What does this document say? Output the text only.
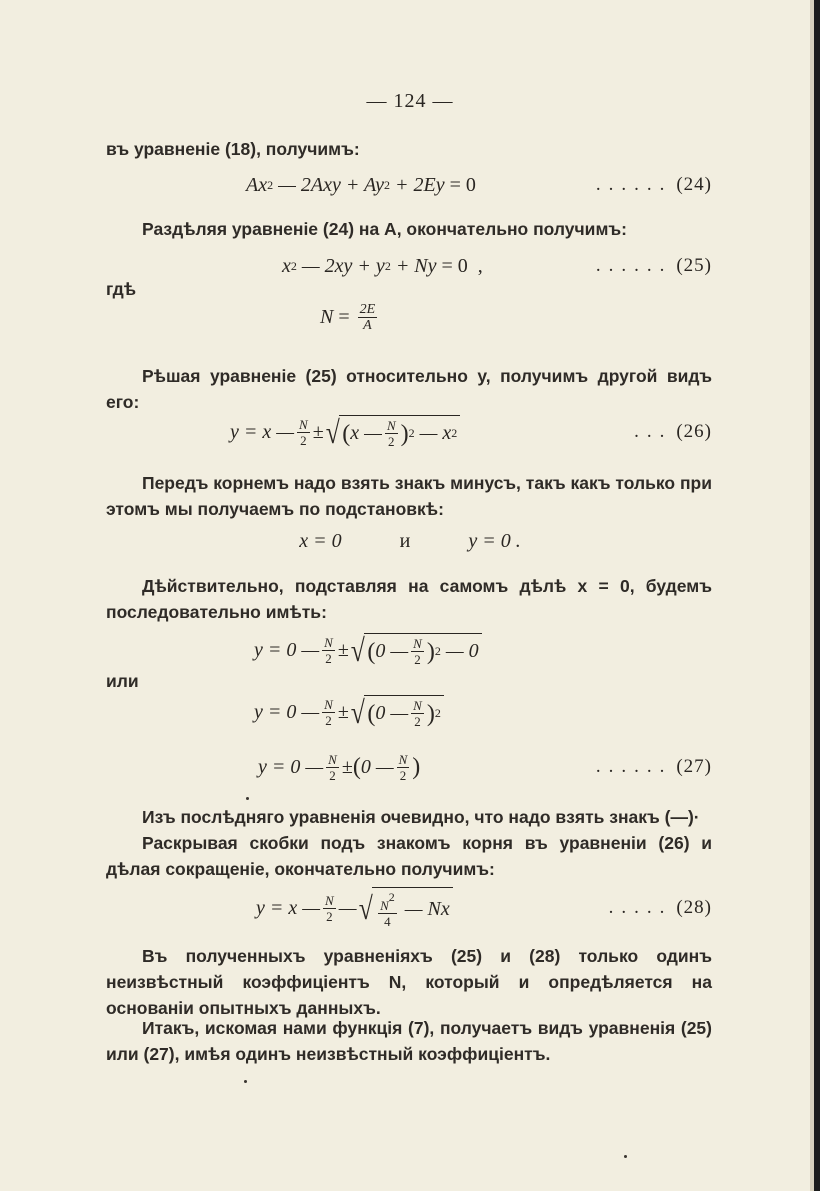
— 124 —
въ уравненіе (18), получимъ:
Ax 2 — 2Axy + Ay 2 + 2Ey = 0	...... (24)
Раздѣляя уравненіе (24) на A, окончательно получимъ:
x 2 — 2xy + y 2 + Ny = 0  ,	...... (25)
гдѣ
$N = \frac{2E}{A}$
Рѣшая уравненіе (25) относительно y, получимъ другой видъ его:
y = x — $\frac{N}{2}$ ± √ ( x — $\frac{N}{2}$ ) 2 — x 2	... (26)
Передъ корнемъ надо взять знакъ минусъ, такъ какъ только при этомъ мы получаемъ по подстановкѣ:
x = 0	и	y = 0 .
Дѣйствительно, подставляя на самомъ дѣлѣ x = 0, будемъ последовательно имѣть:
y = 0 — $\frac{N}{2}$ ± √ ( 0 — $\frac{N}{2}$ ) 2 — 0
или
y = 0 — $\frac{N}{2}$ ± √ ( 0 — $\frac{N}{2}$ ) 2
y = 0 — $\frac{N}{2}$ ± ( 0 — $\frac{N}{2}$ )	...... (27)
Изъ послѣдняго уравненія очевидно, что надо взять знакъ (—)·
Раскрывая скобки подъ знакомъ корня въ уравненіи (26) и дѣлая сокращеніе, окончательно получимъ:
y = x — $\frac{N}{2}$ — √ $\frac{N2}{4}$ — Nx	..... (28)
Въ полученныхъ уравненіяхъ (25) и (28) только одинъ неизвѣстный коэффиціентъ N, который и опредѣляется на основаніи опытныхъ данныхъ.
Итакъ, искомая нами функція (7), получаетъ видъ уравненія (25) или (27), имѣя одинъ неизвѣстный коэффиціентъ.
